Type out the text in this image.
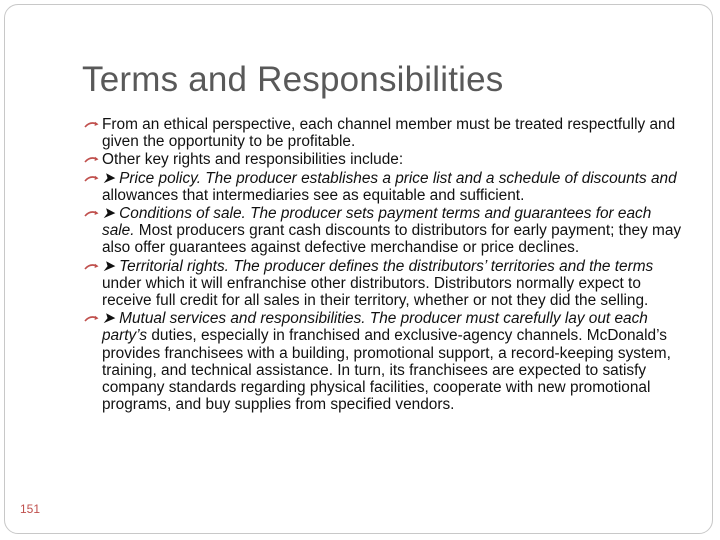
Terms and Responsibilities
From an ethical perspective, each channel member must be treated respectfully and given the opportunity to be profitable.
Other key rights and responsibilities include:
➤ Price policy. The producer establishes a price list and a schedule of discounts and allowances that intermediaries see as equitable and sufficient.
➤ Conditions of sale. The producer sets payment terms and guarantees for each sale. Most producers grant cash discounts to distributors for early payment; they may also offer guarantees against defective merchandise or price declines.
➤ Territorial rights. The producer defines the distributors’ territories and the terms under which it will enfranchise other distributors. Distributors normally expect to receive full credit for all sales in their territory, whether or not they did the selling.
➤ Mutual services and responsibilities. The producer must carefully lay out each party’s duties, especially in franchised and exclusive-agency channels. McDonald’s provides franchisees with a building, promotional support, a record-keeping system, training, and technical assistance. In turn, its franchisees are expected to satisfy company standards regarding physical facilities, cooperate with new promotional programs, and buy supplies from specified vendors.
151
